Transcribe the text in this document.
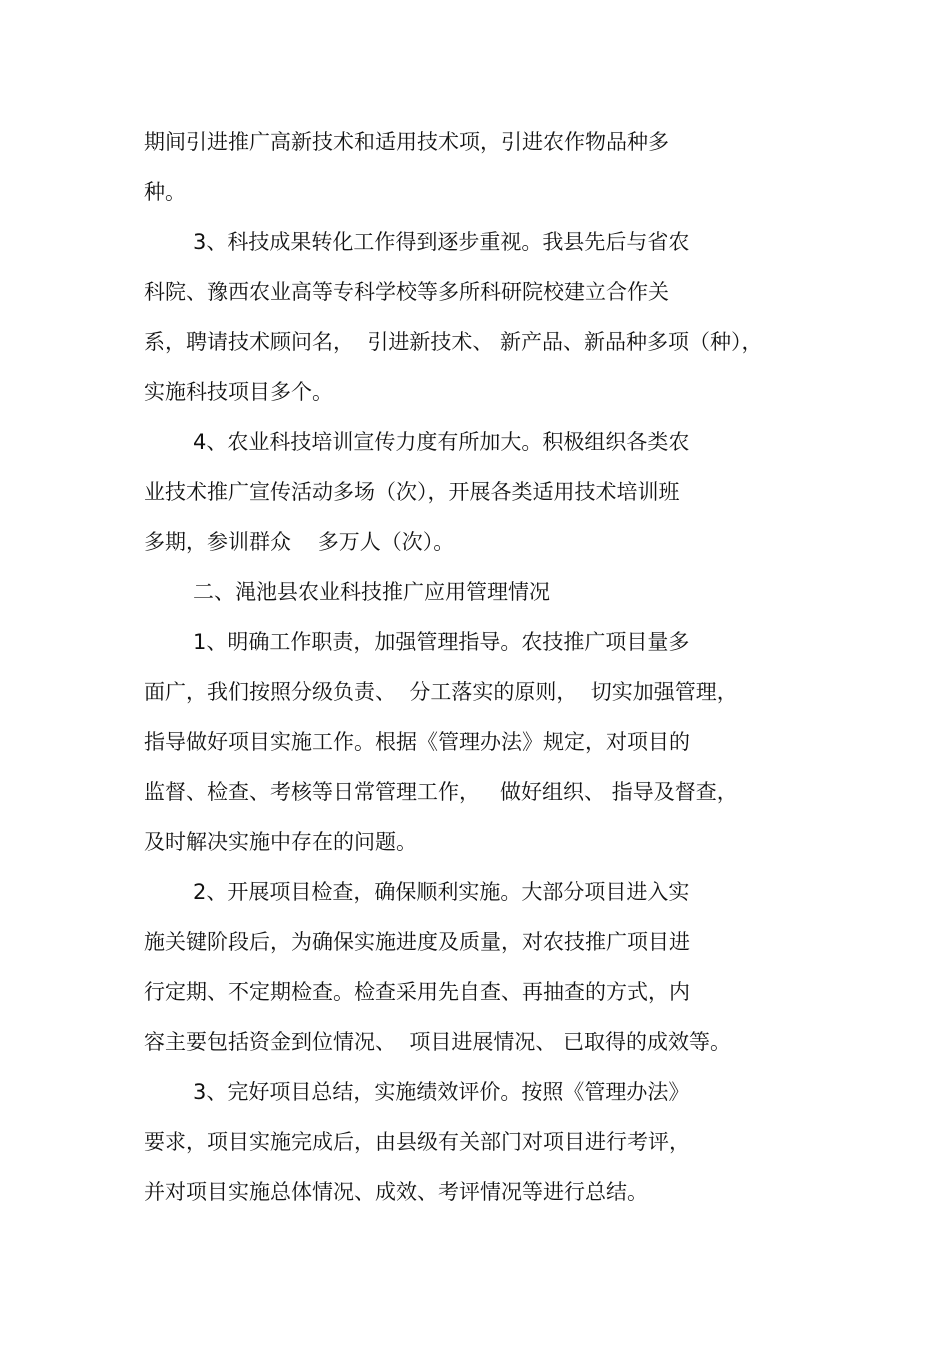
期间引进推广高新技术和适用技术项，引进农作物品种多
种。
3、科技成果转化工作得到逐步重视。我县先后与省农
科院、豫西农业高等专科学校等多所科研院校建立合作关
系，聘请技术顾问名，  引进新技术、 新产品、新品种多项（种），
实施科技项目多个。
4、农业科技培训宣传力度有所加大。积极组织各类农
业技术推广宣传活动多场（次），开展各类适用技术培训班
多期，参训群众    多万人（次）。
二、渑池县农业科技推广应用管理情况
1、明确工作职责，加强管理指导。农技推广项目量多
面广，我们按照分级负责、  分工落实的原则，  切实加强管理，
指导做好项目实施工作。根据《管理办法》规定，对项目的
监督、检查、考核等日常管理工作，   做好组织、 指导及督查，
及时解决实施中存在的问题。
2、开展项目检查，确保顺利实施。大部分项目进入实
施关键阶段后，为确保实施进度及质量，对农技推广项目进
行定期、不定期检查。检查采用先自查、再抽查的方式，内
容主要包括资金到位情况、  项目进展情况、 已取得的成效等。
3、完好项目总结，实施绩效评价。按照《管理办法》
要求，项目实施完成后，由县级有关部门对项目进行考评，
并对项目实施总体情况、成效、考评情况等进行总结。
